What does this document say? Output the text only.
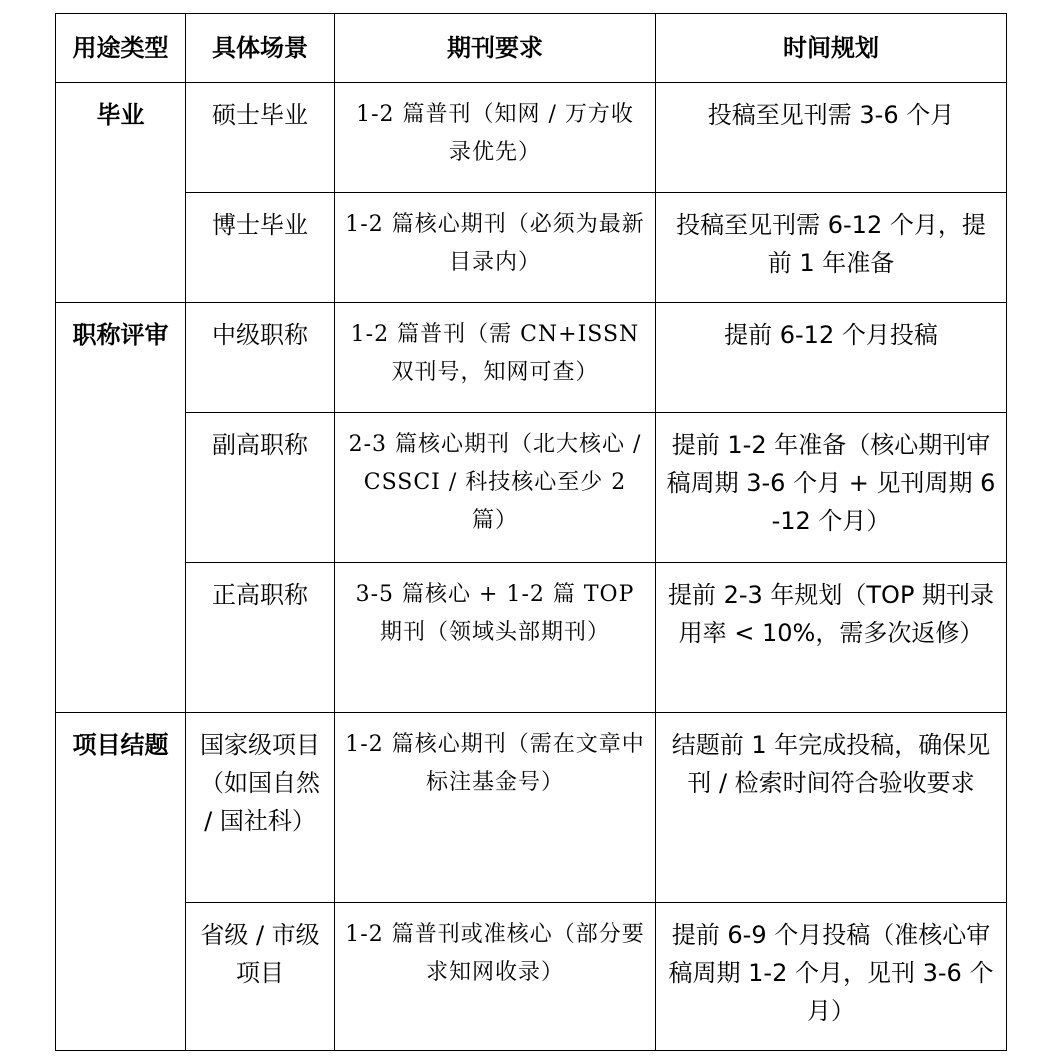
用途类型	具体场景	期刊要求	时间规划
毕业	硕士毕业	1-2 篇普刊（知网 / 万方收录优先）	投稿至见刊需 3-6 个月
	博士毕业	1-2 篇核心期刊（必须为最新目录内）	投稿至见刊需 6-12 个月，提前 1 年准备
职称评审	中级职称	1-2 篇普刊（需 CN+ISSN 双刊号，知网可查）	提前 6-12 个月投稿
	副高职称	2-3 篇核心期刊（北大核心 / CSSCI / 科技核心至少 2 篇）	提前 1-2 年准备（核心期刊审稿周期 3-6 个月 + 见刊周期 6-12 个月）
	正高职称	3-5 篇核心 + 1-2 篇 TOP 期刊（领域头部期刊）	提前 2-3 年规划（TOP 期刊录用率 < 10%，需多次返修）
项目结题	国家级项目（如国自然 / 国社科）	1-2 篇核心期刊（需在文章中标注基金号）	结题前 1 年完成投稿，确保见刊 / 检索时间符合验收要求
	省级 / 市级项目	1-2 篇普刊或准核心（部分要求知网收录）	提前 6-9 个月投稿（准核心审稿周期 1-2 个月，见刊 3-6 个月）
